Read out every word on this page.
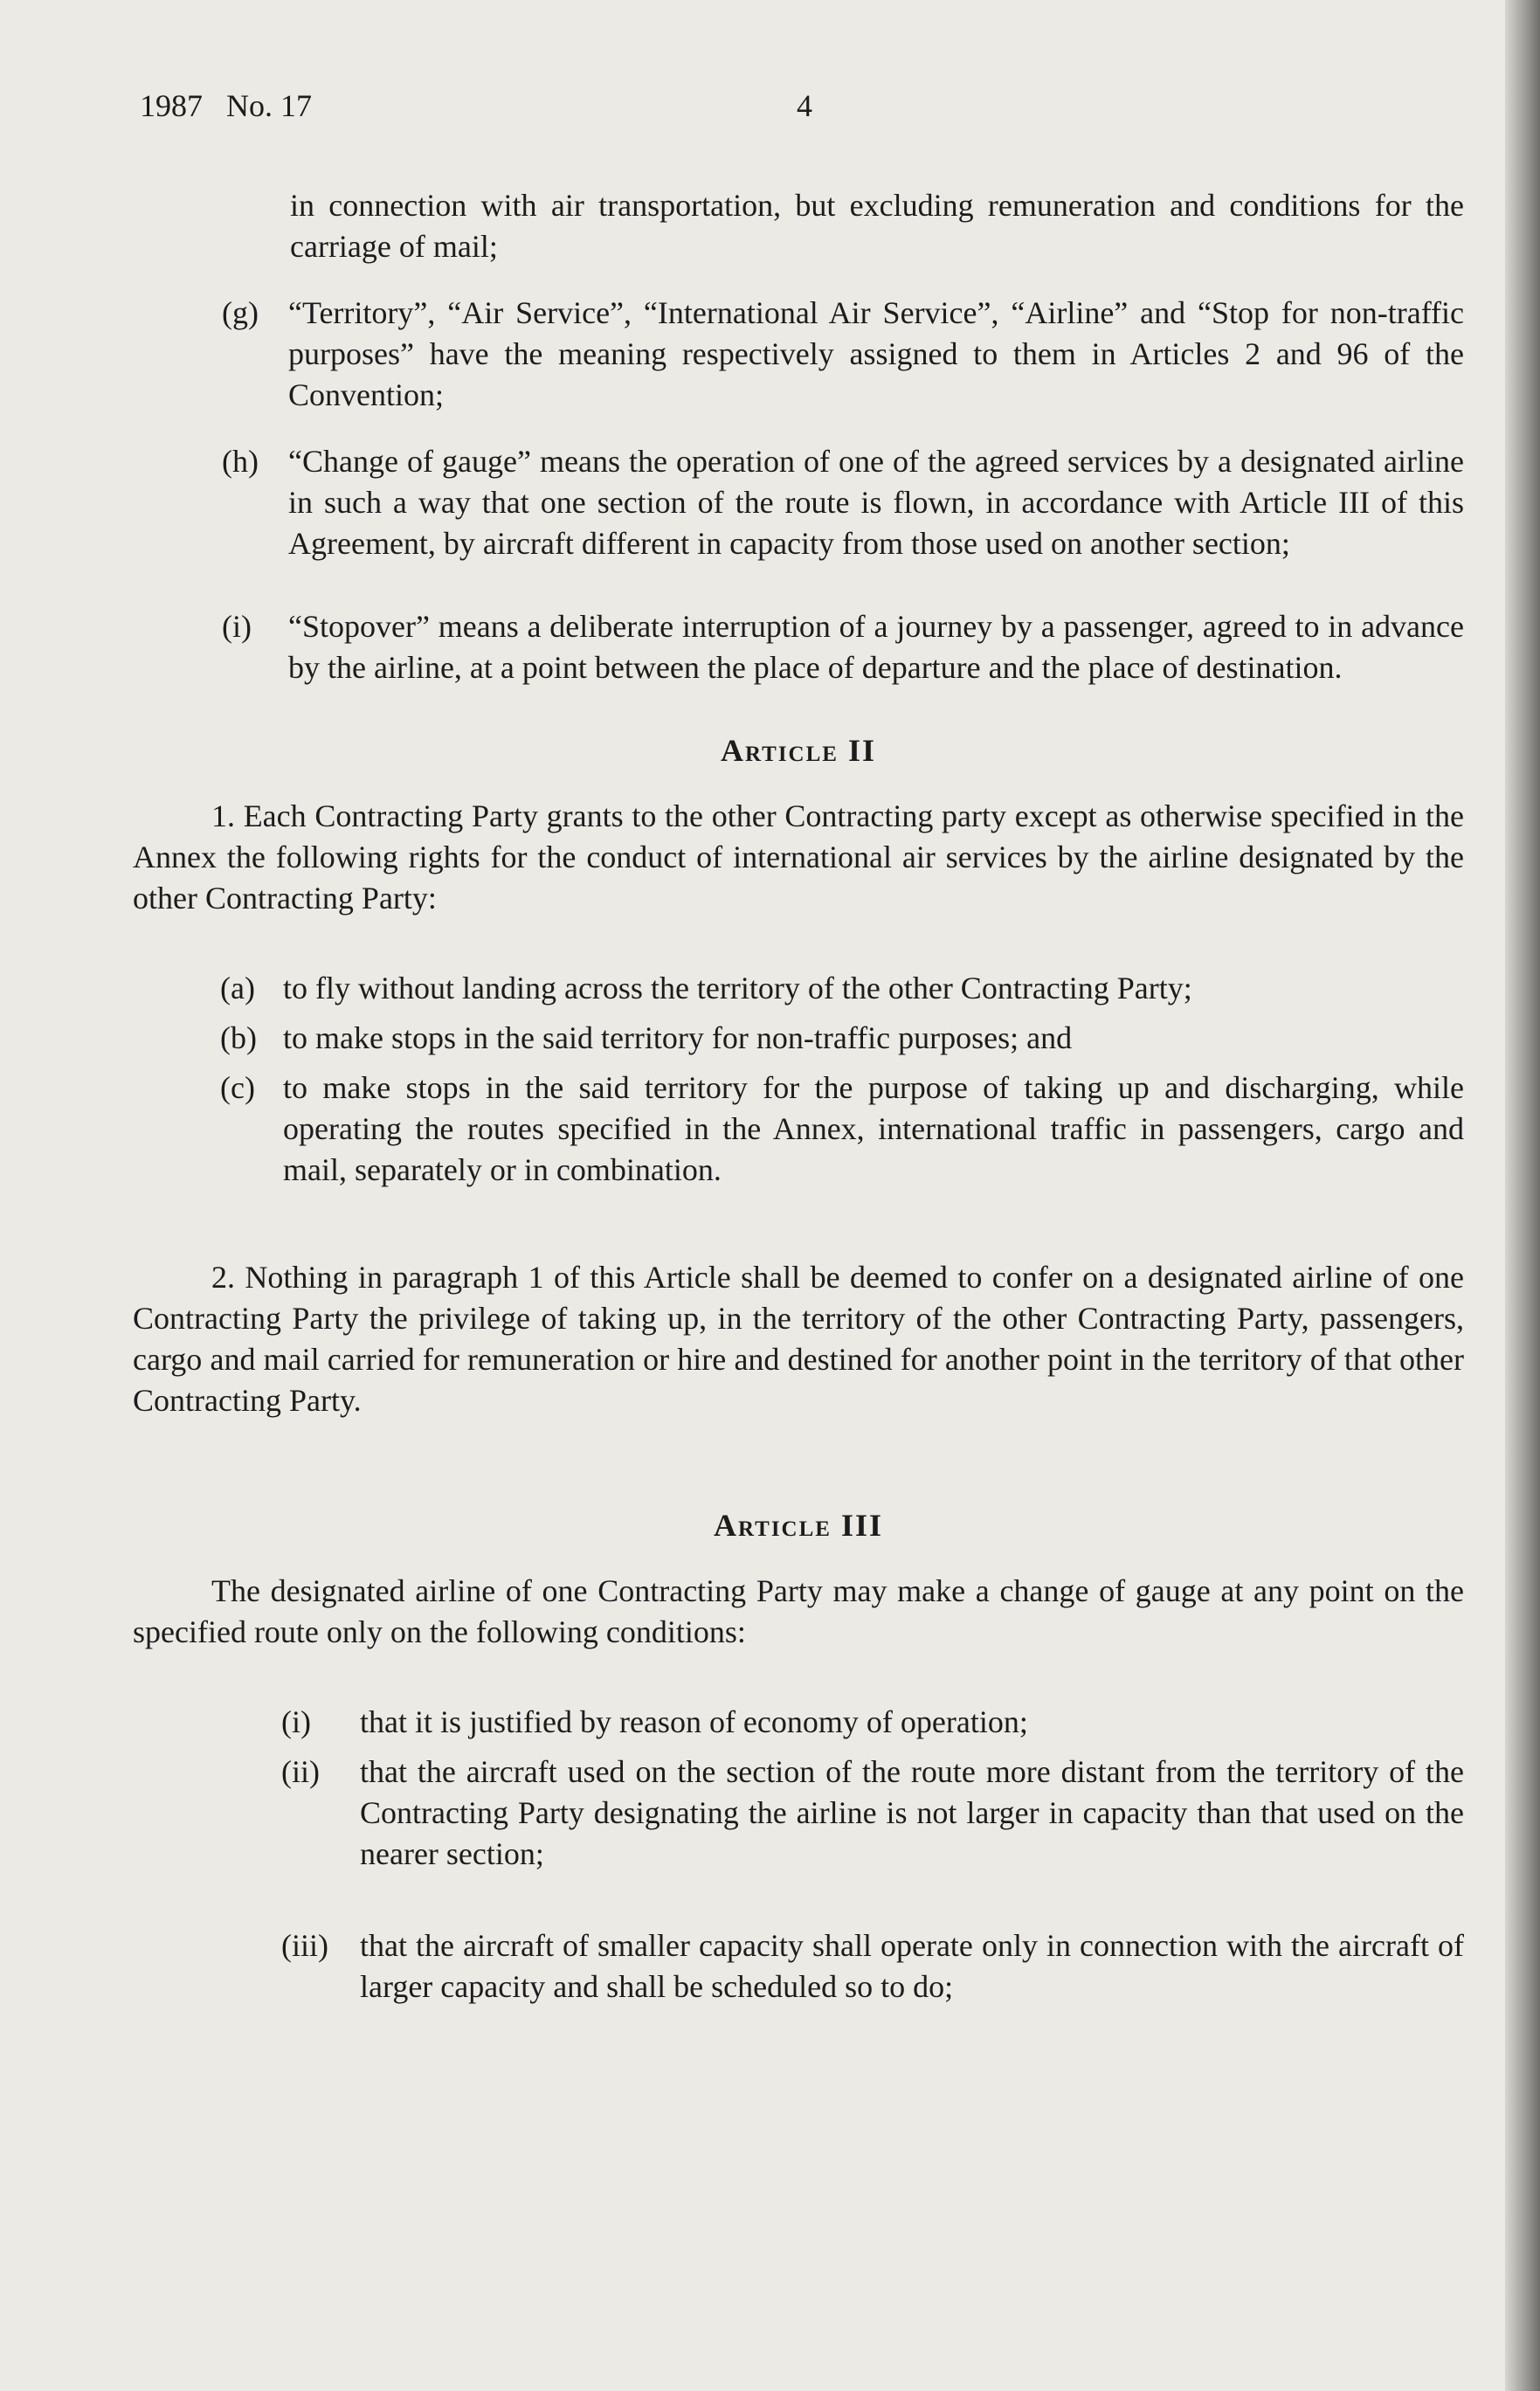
1987   No. 17	4

in connection with air transportation, but excluding remuneration and conditions for the carriage of mail;

(g) “Territory”, “Air Service”, “International Air Service”, “Airline” and “Stop for non-traffic purposes” have the meaning respectively assigned to them in Articles 2 and 96 of the Convention;

(h) “Change of gauge” means the operation of one of the agreed services by a designated airline in such a way that one section of the route is flown, in accordance with Article III of this Agreement, by aircraft different in capacity from those used on another section;

(i) “Stopover” means a deliberate interruption of a journey by a passenger, agreed to in advance by the airline, at a point between the place of departure and the place of destination.

Article II

1. Each Contracting Party grants to the other Contracting party except as otherwise specified in the Annex the following rights for the conduct of international air services by the airline designated by the other Contracting Party:

(a) to fly without landing across the territory of the other Contracting Party;

(b) to make stops in the said territory for non-traffic purposes; and

(c) to make stops in the said territory for the purpose of taking up and discharging, while operating the routes specified in the Annex, international traffic in passengers, cargo and mail, separately or in combination.

2. Nothing in paragraph 1 of this Article shall be deemed to confer on a designated airline of one Contracting Party the privilege of taking up, in the territory of the other Contracting Party, passengers, cargo and mail carried for remuneration or hire and destined for another point in the territory of that other Contracting Party.

Article III

The designated airline of one Contracting Party may make a change of gauge at any point on the specified route only on the following conditions:

(i) that it is justified by reason of economy of operation;

(ii) that the aircraft used on the section of the route more distant from the territory of the Contracting Party designating the airline is not larger in capacity than that used on the nearer section;

(iii) that the aircraft of smaller capacity shall operate only in connection with the aircraft of larger capacity and shall be scheduled so to do;
